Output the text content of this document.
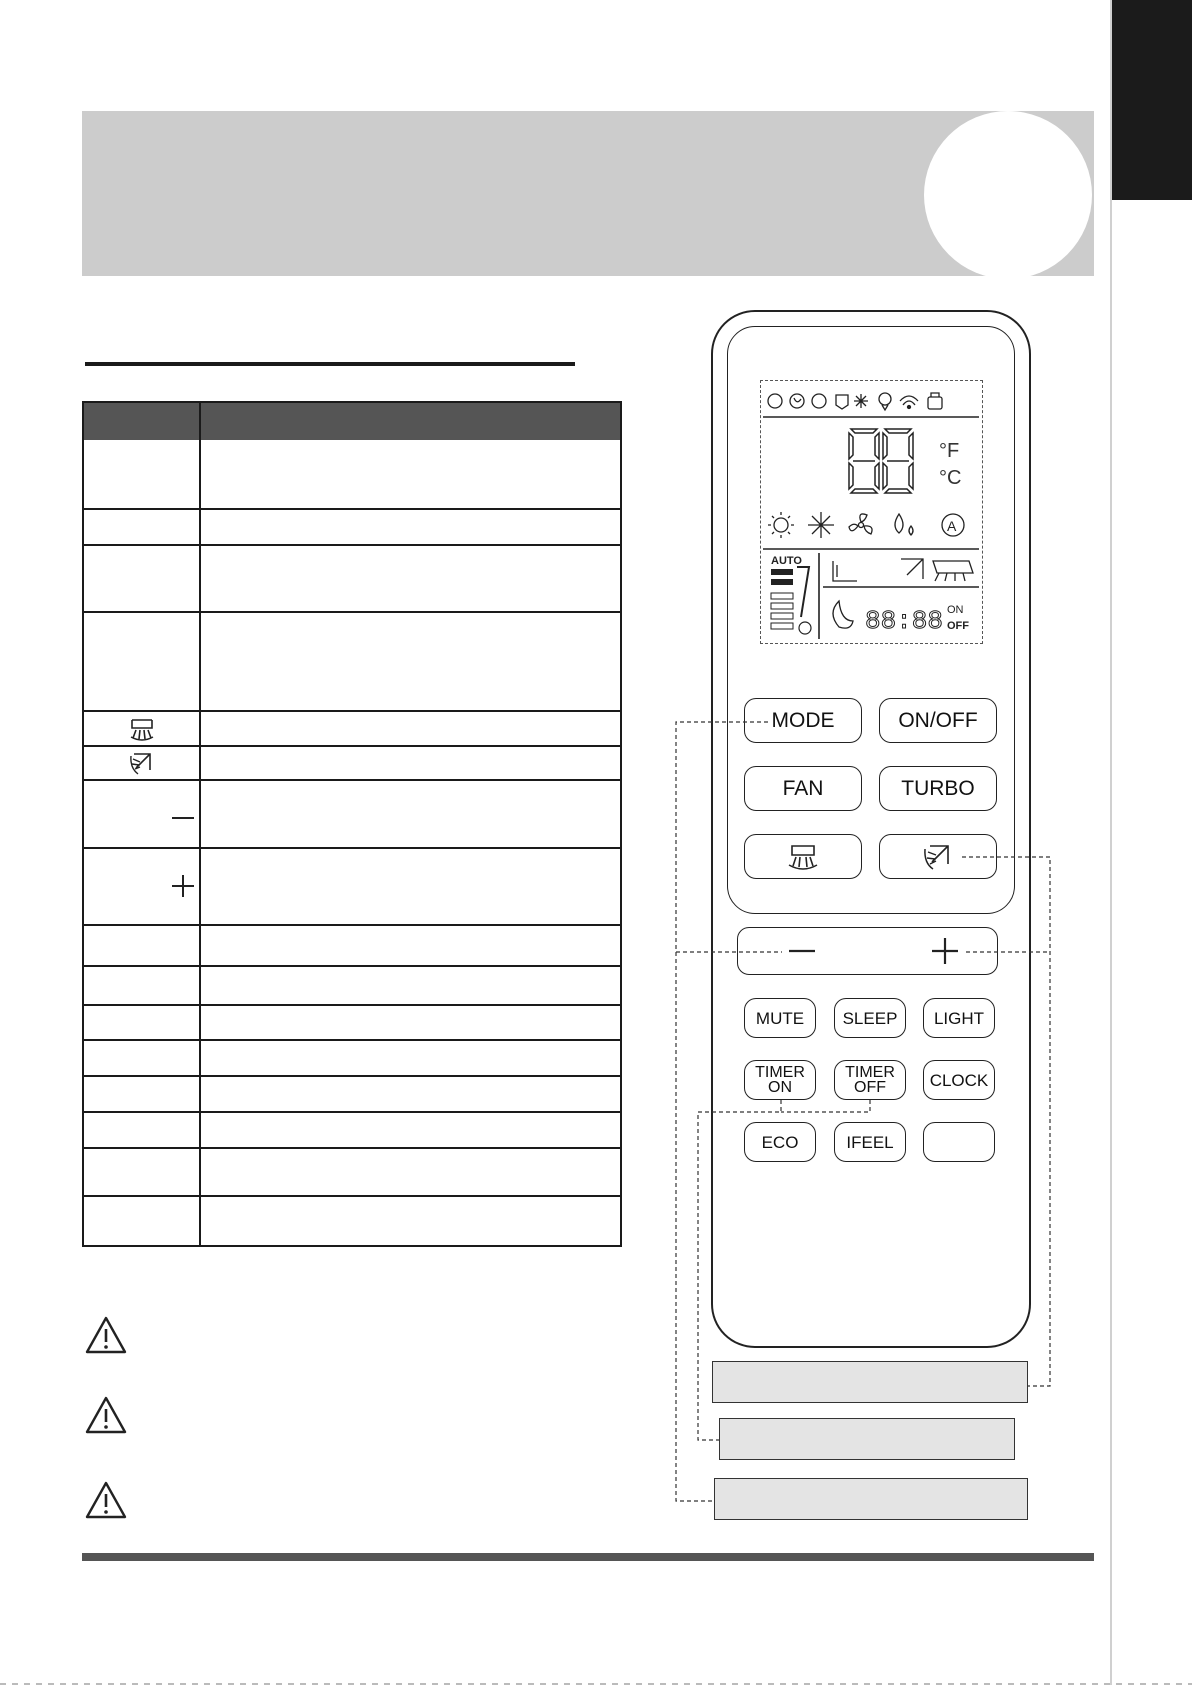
°F
°C
A
AUTO
88:88 ON
OFF
MODE	ON/OFF
FAN	TURBO
MUTE	SLEEP	LIGHT
TIMER
ON
TIMER
OFF	CLOCK
ECO	IFEEL
